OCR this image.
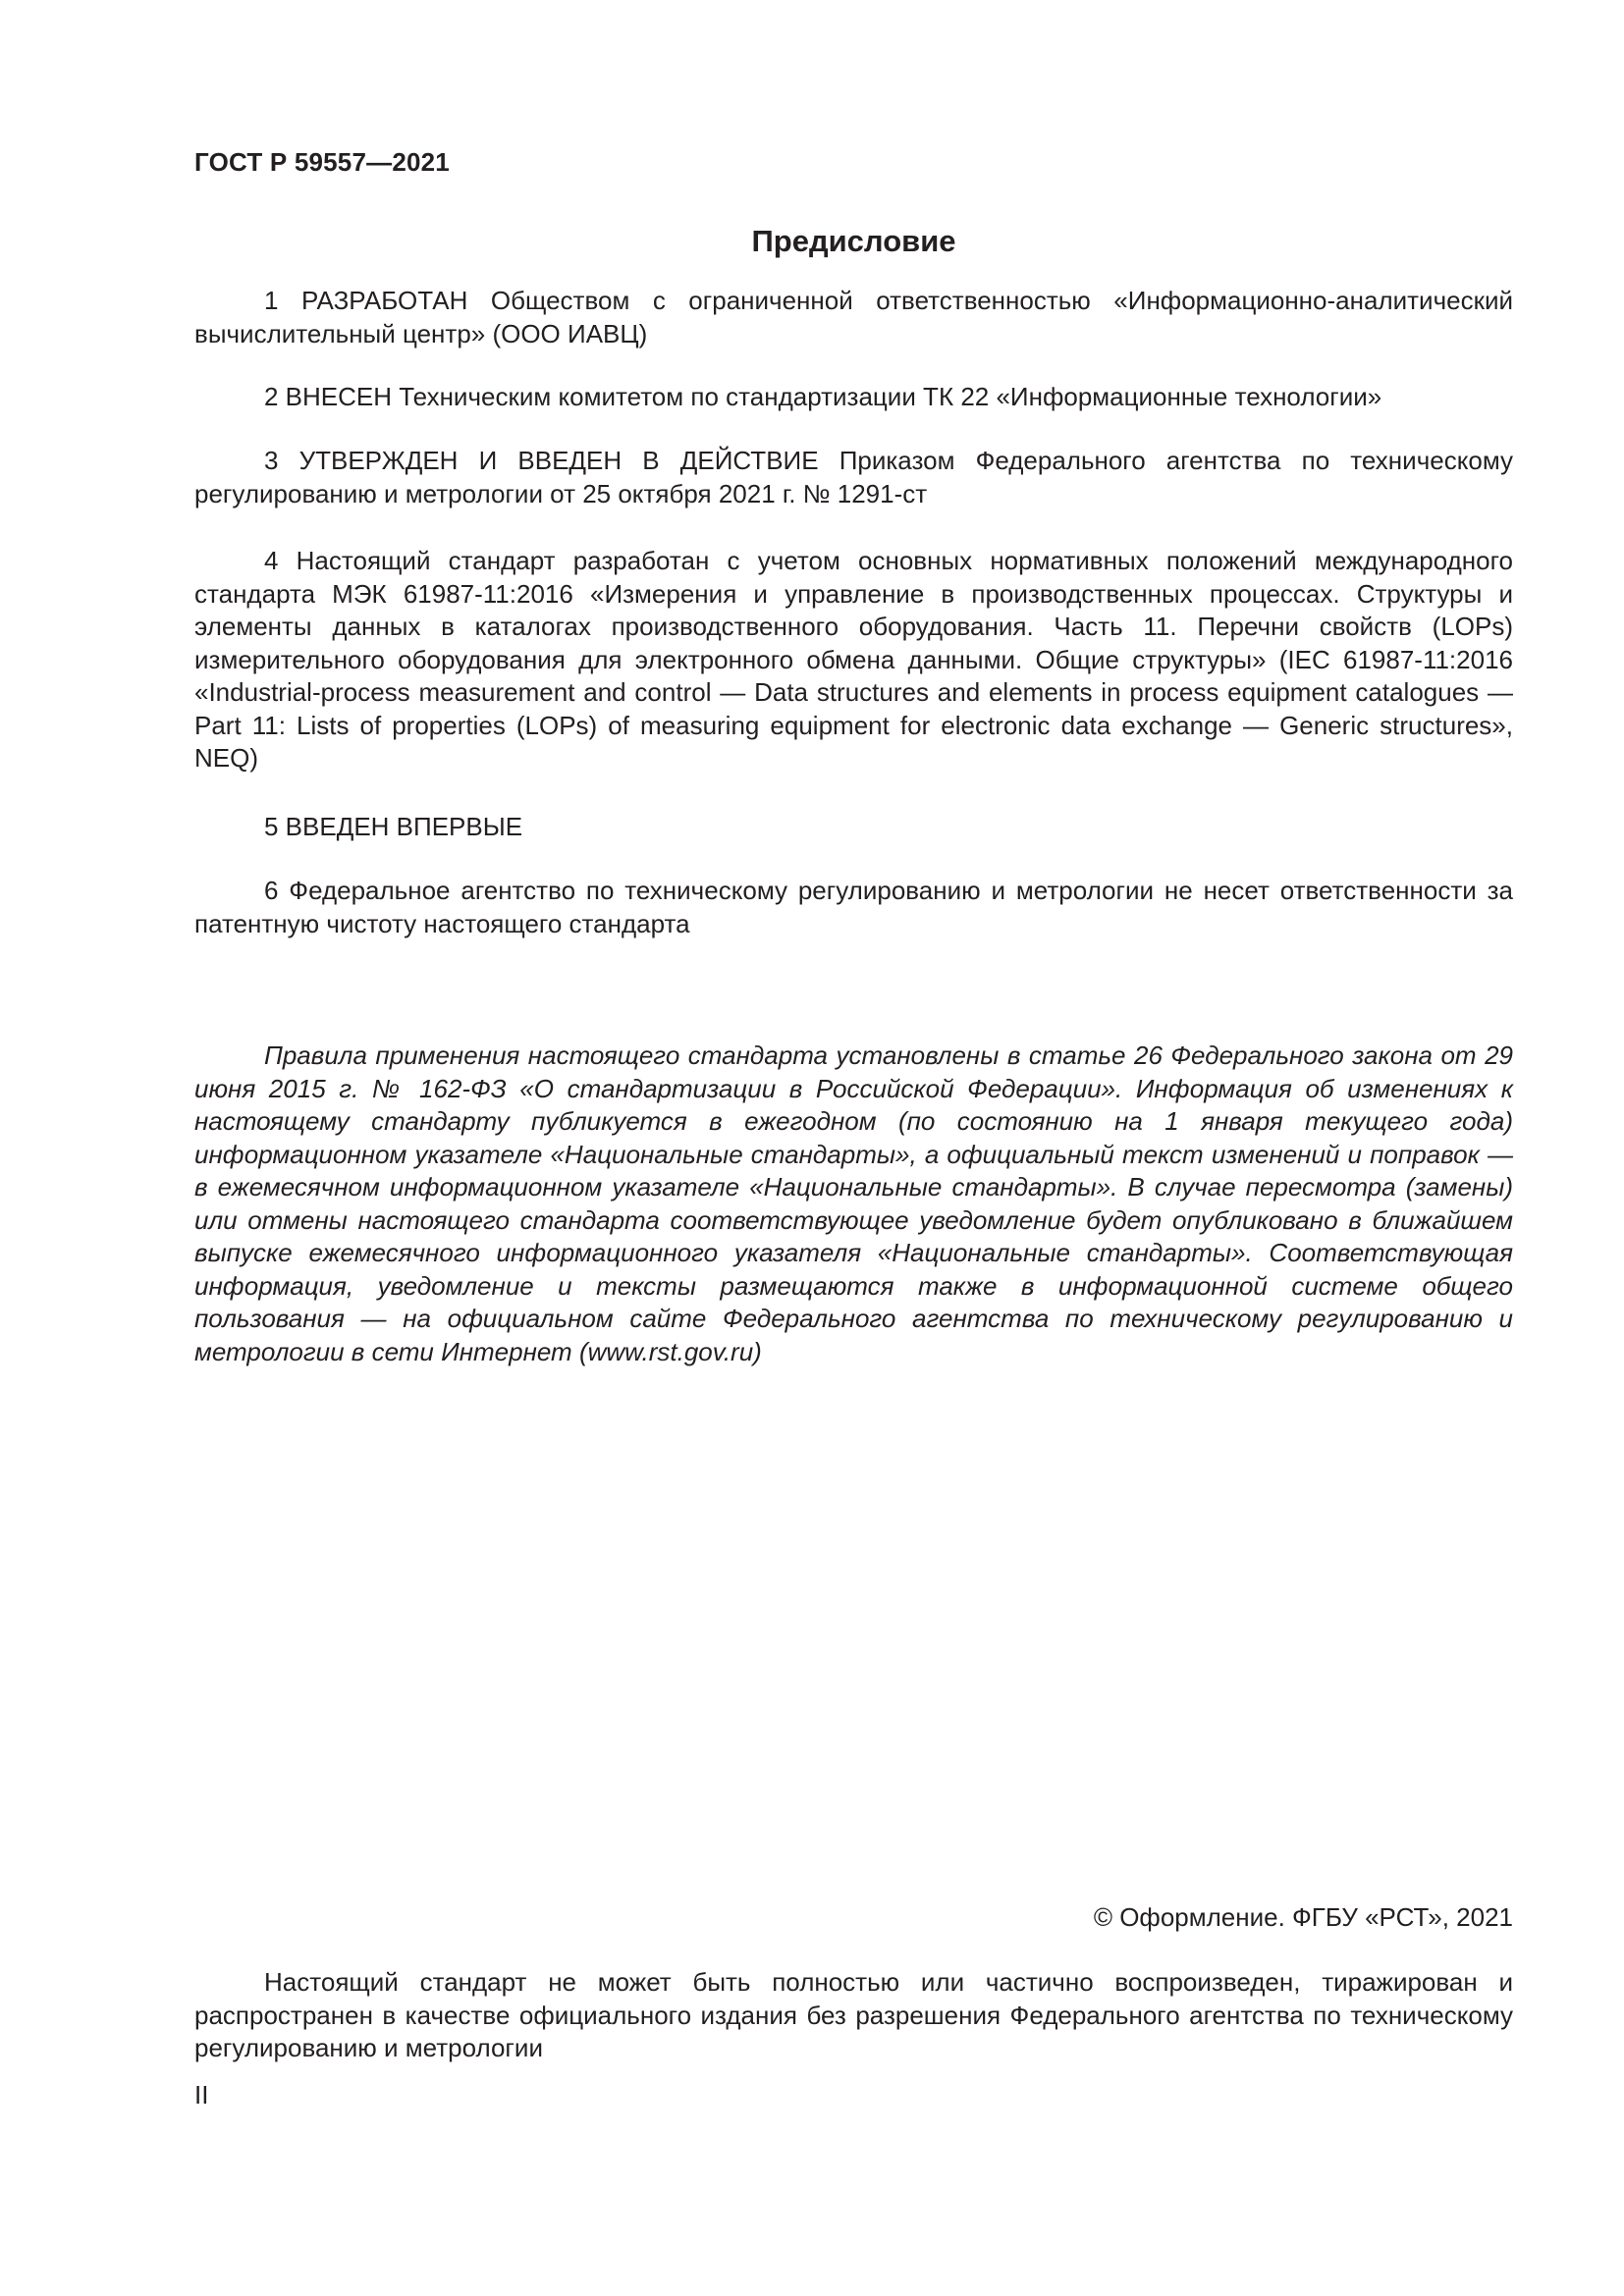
ГОСТ Р 59557—2021
Предисловие

1 РАЗРАБОТАН Обществом с ограниченной ответственностью «Информационно-аналитический вычислительный центр» (ООО ИАВЦ)

2 ВНЕСЕН Техническим комитетом по стандартизации ТК 22 «Информационные технологии»

3 УТВЕРЖДЕН И ВВЕДЕН В ДЕЙСТВИЕ Приказом Федерального агентства по техническому регулированию и метрологии от 25 октября 2021 г. № 1291-ст

4 Настоящий стандарт разработан с учетом основных нормативных положений международного стандарта МЭК 61987-11:2016 «Измерения и управление в производственных процессах. Структуры и элементы данных в каталогах производственного оборудования. Часть 11. Перечни свойств (LOPs) измерительного оборудования для электронного обмена данными. Общие структуры» (IEC 61987-11:2016 «Industrial-process measurement and control — Data structures and elements in process equipment catalogues — Part 11: Lists of properties (LOPs) of measuring equipment for electronic data exchange — Generic structures», NEQ)

5 ВВЕДЕН ВПЕРВЫЕ

6 Федеральное агентство по техническому регулированию и метрологии не несет ответственности за патентную чистоту настоящего стандарта

Правила применения настоящего стандарта установлены в статье 26 Федерального закона от 29 июня 2015 г. № 162-ФЗ «О стандартизации в Российской Федерации». Информация об изменениях к настоящему стандарту публикуется в ежегодном (по состоянию на 1 января текущего года) информационном указателе «Национальные стандарты», а официальный текст изменений и поправок — в ежемесячном информационном указателе «Национальные стандарты». В случае пересмотра (замены) или отмены настоящего стандарта соответствующее уведомление будет опубликовано в ближайшем выпуске ежемесячного информационного указателя «Национальные стандарты». Соответствующая информация, уведомление и тексты размещаются также в информационной системе общего пользования — на официальном сайте Федерального агентства по техническому регулированию и метрологии в сети Интернет (www.rst.gov.ru)

© Оформление. ФГБУ «РСТ», 2021

Настоящий стандарт не может быть полностью или частично воспроизведен, тиражирован и распространен в качестве официального издания без разрешения Федерального агентства по техническому регулированию и метрологии

II
